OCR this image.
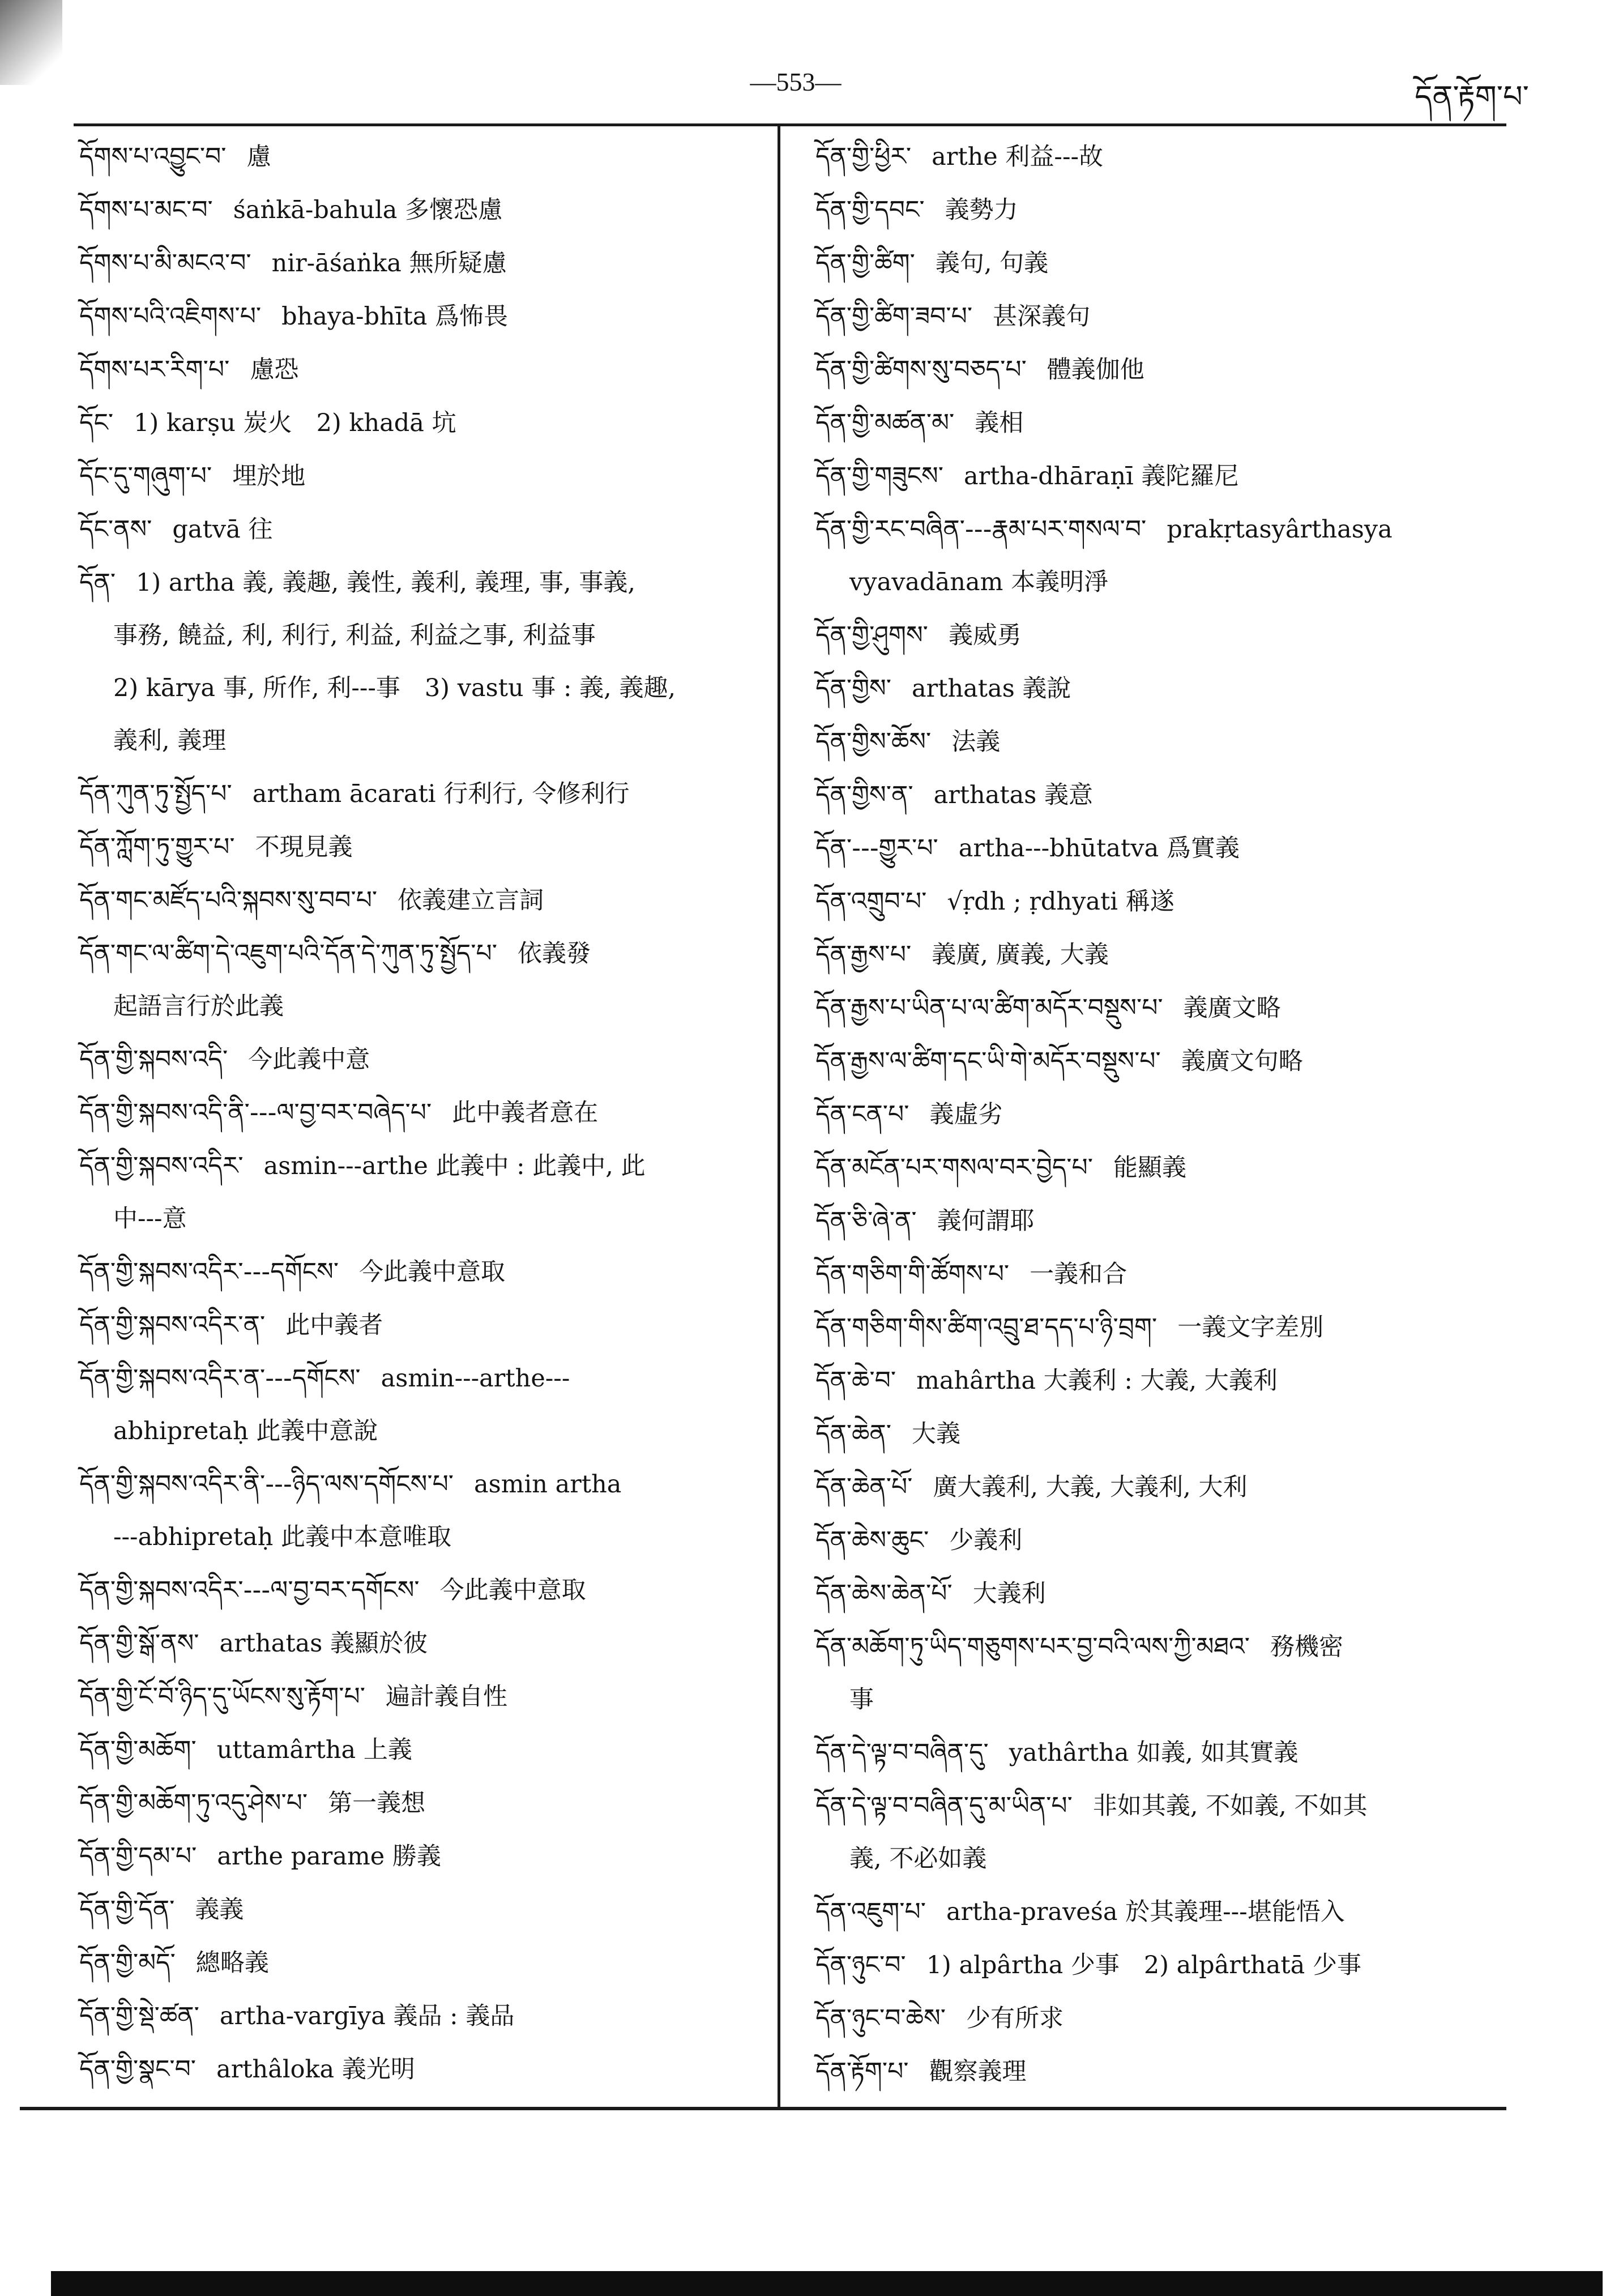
—553—	དོན་རྟོག་པ་
དོགས་པ་འབྱུང་བ་ 慮
དོགས་པ་མང་བ་ śaṅkā-bahula 多懷恐慮
དོགས་པ་མི་མངའ་བ་ nir-āśaṅka 無所疑慮
དོགས་པའི་འཇིགས་པ་ bhaya-bhīta 爲怖畏
དོགས་པར་རིག་པ་ 慮恐
དོང་ 1) karṣu 炭火　2) khadā 坑
དོང་དུ་གཞུག་པ་ 埋於地
དོང་ནས་ gatvā 往
དོན་ 1) artha 義, 義趣, 義性, 義利, 義理, 事, 事義,
事務, 饒益, 利, 利行, 利益, 利益之事, 利益事
2) kārya 事, 所作, 利---事　3) vastu 事 : 義, 義趣,
義利, 義理
དོན་ཀུན་ཏུ་སྤྱོད་པ་ artham ācarati 行利行, 令修利行
དོན་ཀློག་ཏུ་གྱུར་པ་ 不現見義
དོན་གང་མཛོད་པའི་སྐབས་སུ་བབ་པ་ 依義建立言詞
དོན་གང་ལ་ཚིག་དེ་འཇུག་པའི་དོན་དེ་ཀུན་ཏུ་སྤྱོད་པ་ 依義發
起語言行於此義
དོན་གྱི་སྐབས་འདི་ 今此義中意
དོན་གྱི་སྐབས་འདི་ནི་---ལ་བྱ་བར་བཞེད་པ་ 此中義者意在
དོན་གྱི་སྐབས་འདིར་ asmin---arthe 此義中 : 此義中, 此
中---意
དོན་གྱི་སྐབས་འདིར་---དགོངས་ 今此義中意取
དོན་གྱི་སྐབས་འདིར་ན་ 此中義者
དོན་གྱི་སྐབས་འདིར་ན་---དགོངས་ asmin---arthe---
abhipretaḥ 此義中意說
དོན་གྱི་སྐབས་འདིར་ནི་---ཉིད་ལས་དགོངས་པ་ asmin artha
---abhipretaḥ 此義中本意唯取
དོན་གྱི་སྐབས་འདིར་---ལ་བྱ་བར་དགོངས་ 今此義中意取
དོན་གྱི་སྒོ་ནས་ arthatas 義顯於彼
དོན་གྱི་ངོ་བོ་ཉིད་དུ་ཡོངས་སུ་རྟོག་པ་ 遍計義自性
དོན་གྱི་མཆོག་ uttamârtha 上義
དོན་གྱི་མཆོག་ཏུ་འདུ་ཤེས་པ་ 第一義想
དོན་གྱི་དམ་པ་ arthe parame 勝義
དོན་གྱི་དོན་ 義義
དོན་གྱི་མདོ་ 總略義
དོན་གྱི་སྡེ་ཚན་ artha-vargīya 義品 : 義品
དོན་གྱི་སྣང་བ་ arthâloka 義光明
དོན་གྱི་ཕྱིར་ arthe 利益---故
དོན་གྱི་དབང་ 義勢力
དོན་གྱི་ཚིག་ 義句, 句義
དོན་གྱི་ཚིག་ཟབ་པ་ 甚深義句
དོན་གྱི་ཚིགས་སུ་བཅད་པ་ 體義伽他
དོན་གྱི་མཚན་མ་ 義相
དོན་གྱི་གཟུངས་ artha-dhāraṇī 義陀羅尼
དོན་གྱི་རང་བཞིན་---རྣམ་པར་གསལ་བ་ prakṛtasyârthasya
vyavadānam 本義明淨
དོན་གྱི་ཤུགས་ 義威勇
དོན་གྱིས་ arthatas 義說
དོན་གྱིས་ཆོས་ 法義
དོན་གྱིས་ན་ arthatas 義意
དོན་---གྱུར་པ་ artha---bhūtatva 爲實義
དོན་འགྲུབ་པ་ √ṛdh ; ṛdhyati 稱遂
དོན་རྒྱས་པ་ 義廣, 廣義, 大義
དོན་རྒྱས་པ་ཡིན་པ་ལ་ཚིག་མདོར་བསྡུས་པ་ 義廣文略
དོན་རྒྱས་ལ་ཚིག་དང་ཡི་གེ་མདོར་བསྡུས་པ་ 義廣文句略
དོན་ངན་པ་ 義虛劣
དོན་མངོན་པར་གསལ་བར་བྱེད་པ་ 能顯義
དོན་ཅི་ཞེ་ན་ 義何謂耶
དོན་གཅིག་གི་ཚོགས་པ་ 一義和合
དོན་གཅིག་གིས་ཚིག་འབྲུ་ཐ་དད་པ་ཉི་བྲག་ 一義文字差別
དོན་ཆེ་བ་ mahârtha 大義利 : 大義, 大義利
དོན་ཆེན་ 大義
དོན་ཆེན་པོ་ 廣大義利, 大義, 大義利, 大利
དོན་ཆེས་ཆུང་ 少義利
དོན་ཆེས་ཆེན་པོ་ 大義利
དོན་མཆོག་ཏུ་ཡིད་གཅུགས་པར་བྱ་བའི་ལས་ཀྱི་མཐའ་ 務機密
事
དོན་དེ་ལྟ་བ་བཞིན་དུ་ yathârtha 如義, 如其實義
དོན་དེ་ལྟ་བ་བཞིན་དུ་མ་ཡིན་པ་ 非如其義, 不如義, 不如其
義, 不必如義
དོན་འཇུག་པ་ artha-praveśa 於其義理---堪能悟入
དོན་ཉུང་བ་ 1) alpârtha 少事　2) alpârthatā 少事
དོན་ཉུང་བ་ཆེས་ 少有所求
དོན་རྟོག་པ་ 觀察義理
